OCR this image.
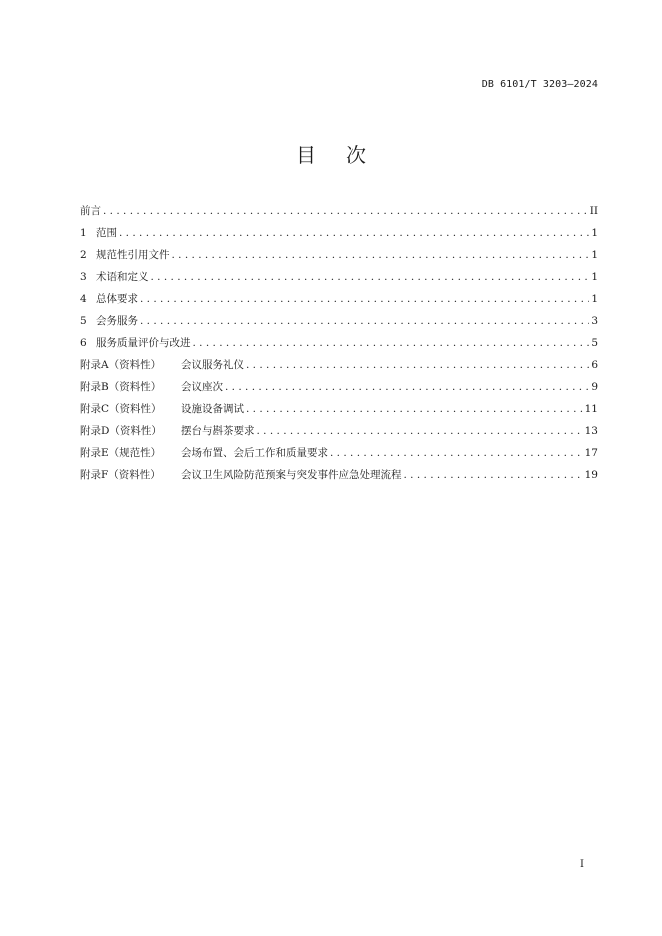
DB 6101/T 3203—2024
目次
前言 . . .	II
1 范围 . . .	1
2 规范性引用文件 . . .	1
3 术语和定义 . . .	1
4 总体要求 . . .	1
5 会务服务 . . .	3
6 服务质量评价与改进 . . .	5
附录A（资料性）	会议服务礼仪 . . .	6
附录B（资料性）	会议座次 . . .	9
附录C（资料性）	设施设备调试 . . .	11
附录D（资料性）	摆台与斟茶要求 . . .	13
附录E（规范性）	会场布置、会后工作和质量要求 . . .	17
附录F（资料性）	会议卫生风险防范预案与突发事件应急处理流程 . . .	19
I
